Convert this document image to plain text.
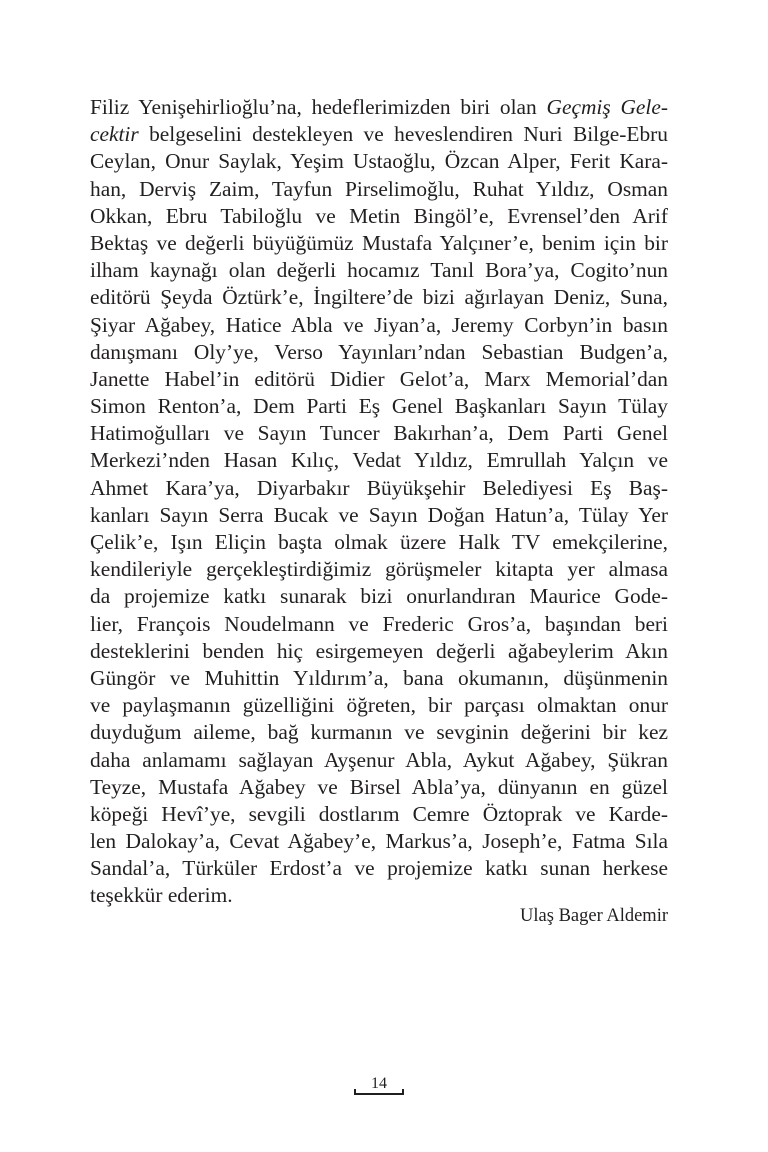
Filiz Yenişehirlioğlu’na, hedeflerimizden biri olan Geçmiş Gele-
cektir belgeselini destekleyen ve heveslendiren Nuri Bilge-Ebru
Ceylan, Onur Saylak, Yeşim Ustaoğlu, Özcan Alper, Ferit Kara-
han, Derviş Zaim, Tayfun Pirselimoğlu, Ruhat Yıldız, Osman
Okkan, Ebru Tabiloğlu ve Metin Bingöl’e, Evrensel’den Arif
Bektaş ve değerli büyüğümüz Mustafa Yalçıner’e, benim için bir
ilham kaynağı olan değerli hocamız Tanıl Bora’ya, Cogito’nun
editörü Şeyda Öztürk’e, İngiltere’de bizi ağırlayan Deniz, Suna,
Şiyar Ağabey, Hatice Abla ve Jiyan’a, Jeremy Corbyn’in basın
danışmanı Oly’ye, Verso Yayınları’ndan Sebastian Budgen’a,
Janette Habel’in editörü Didier Gelot’a, Marx Memorial’dan
Simon Renton’a, Dem Parti Eş Genel Başkanları Sayın Tülay
Hatimoğulları ve Sayın Tuncer Bakırhan’a, Dem Parti Genel
Merkezi’nden Hasan Kılıç, Vedat Yıldız, Emrullah Yalçın ve
Ahmet Kara’ya, Diyarbakır Büyükşehir Belediyesi Eş Baş-
kanları Sayın Serra Bucak ve Sayın Doğan Hatun’a, Tülay Yer
Çelik’e, Işın Eliçin başta olmak üzere Halk TV emekçilerine,
kendileriyle gerçekleştirdiğimiz görüşmeler kitapta yer almasa
da projemize katkı sunarak bizi onurlandıran Maurice Gode-
lier, François Noudelmann ve Frederic Gros’a, başından beri
desteklerini benden hiç esirgemeyen değerli ağabeylerim Akın
Güngör ve Muhittin Yıldırım’a, bana okumanın, düşünmenin
ve paylaşmanın güzelliğini öğreten, bir parçası olmaktan onur
duyduğum aileme, bağ kurmanın ve sevginin değerini bir kez
daha anlamamı sağlayan Ayşenur Abla, Aykut Ağabey, Şükran
Teyze, Mustafa Ağabey ve Birsel Abla’ya, dünyanın en güzel
köpeği Hevî’ye, sevgili dostlarım Cemre Öztoprak ve Karde-
len Dalokay’a, Cevat Ağabey’e, Markus’a, Joseph’e, Fatma Sıla
Sandal’a, Türküler Erdost’a ve projemize katkı sunan herkese
teşekkür ederim.
Ulaş Bager Aldemir
14
